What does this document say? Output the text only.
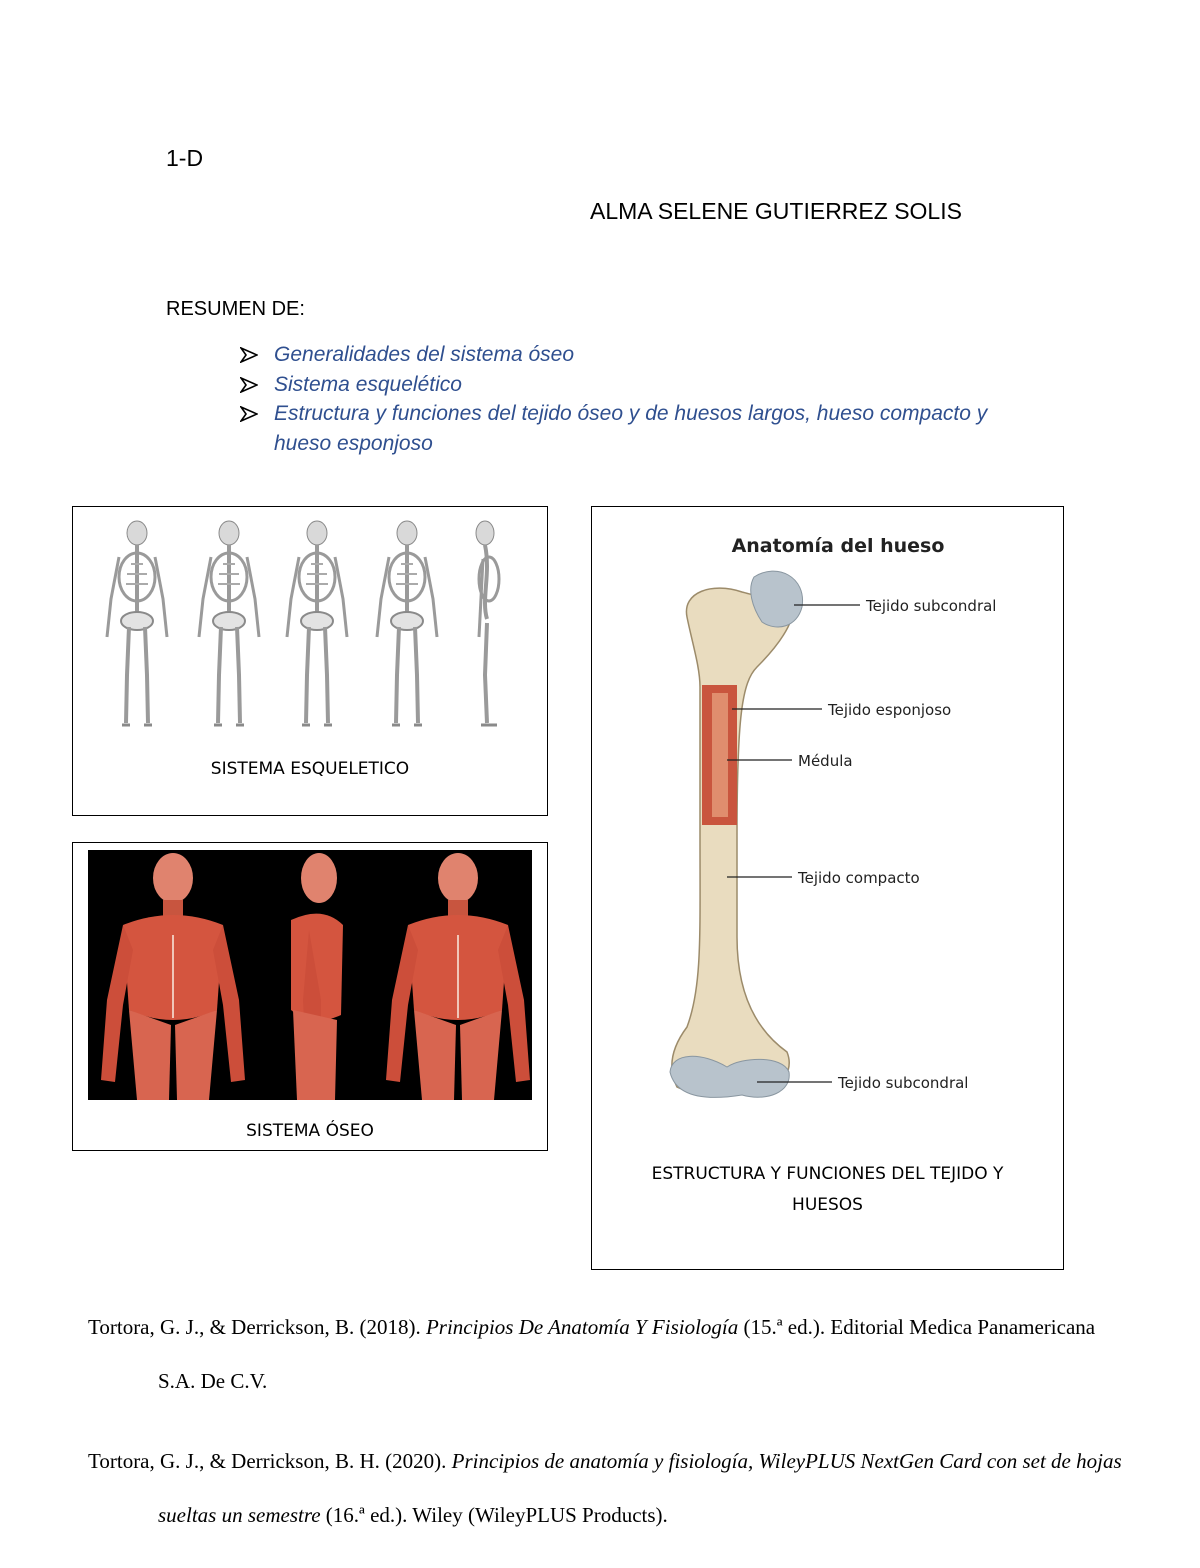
1-D
ALMA SELENE GUTIERREZ SOLIS
RESUMEN DE:
Generalidades del sistema óseo
Sistema esquelético
Estructura y funciones del tejido óseo y de huesos largos, hueso compacto y hueso esponjoso
SISTEMA ESQUELETICO
SISTEMA ÓSEO
Anatomía del hueso
Tejido subcondral
Tejido esponjoso
Médula
Tejido compacto
Tejido subcondral
ESTRUCTURA Y FUNCIONES DEL TEJIDO Y
HUESOS

Tortora, G. J., & Derrickson, B. (2018). Principios De Anatomía Y Fisiología (15.ª ed.). Editorial Medica Panamericana S.A. De C.V.

Tortora, G. J., & Derrickson, B. H. (2020). Principios de anatomía y fisiología, WileyPLUS NextGen Card con set de hojas sueltas un semestre (16.ª ed.). Wiley (WileyPLUS Products).
